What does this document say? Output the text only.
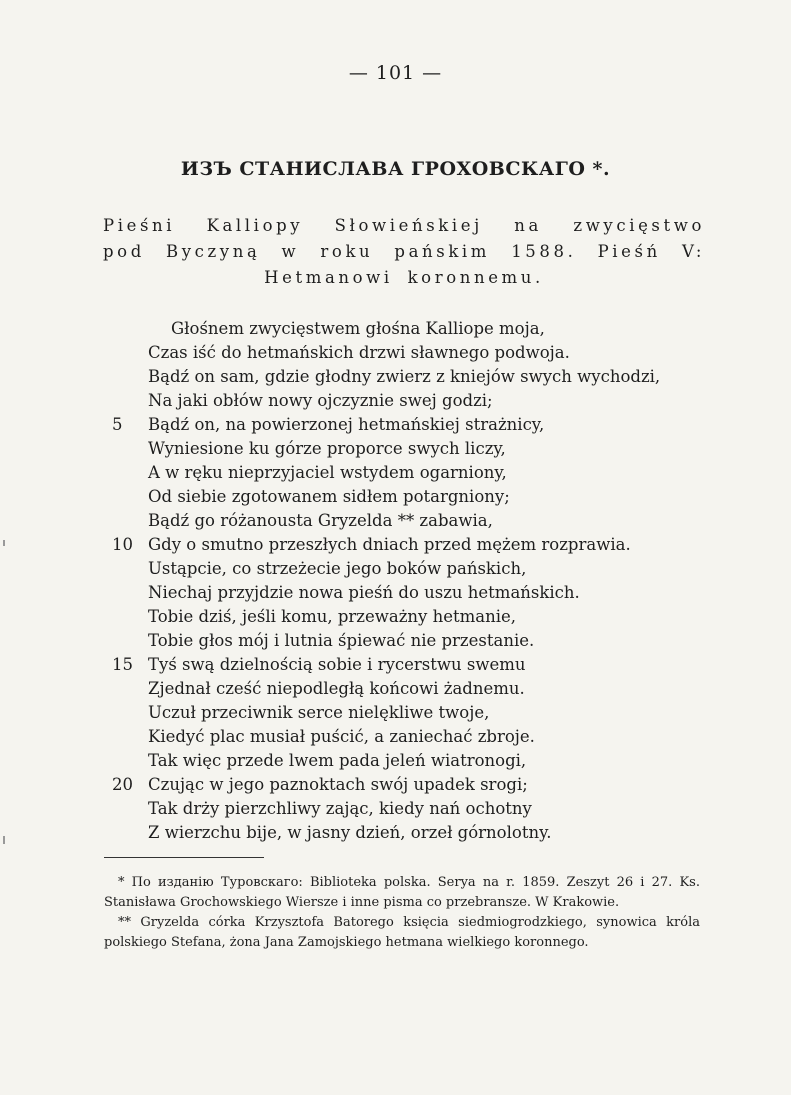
— 101 —
ИЗЪ СТАНИСЛАВА ГРОХОВСКАГО *.
Pieśni Kalliopy Słowieńskiej na zwycięstwo
pod Byczyną w roku pańskim 1588. Pieśń V:
Hetmanowi koronnemu.
Głośnem zwycięstwem głośna Kalliope moja,
Czas iść do hetmańskich drzwi sławnego podwoja.
Bądź on sam, gdzie głodny zwierz z kniejów swych wychodzi,
Na jaki obłów nowy ojczyznie swej godzi;
5	Bądź on, na powierzonej hetmańskiej strażnicy,
Wyniesione ku górze proporce swych liczy,
A w ręku nieprzyjaciel wstydem ogarniony,
Od siebie zgotowanem sidłem potargniony;
Bądź go różanousta Gryzelda ** zabawia,
10 Gdy o smutno przeszłych dniach przed mężem rozprawia.
Ustąpcie, co strzeżecie jego boków pańskich,
Niechaj przyjdzie nowa pieśń do uszu hetmańskich.
Tobie dziś, jeśli komu, przeważny hetmanie,
Tobie głos mój i lutnia śpiewać nie przestanie.
15 Tyś swą dzielnością sobie i rycerstwu swemu
Zjednał cześć niepodległą końcowi żadnemu.
Uczuł przeciwnik serce nielękliwe twoje,
Kiedyć plac musiał puścić, a zaniechać zbroje.
Tak więc przede lwem pada jeleń wiatronogi,
20 Czując w jego paznoktach swój upadek srogi;
Tak drży pierzchliwy zając, kiedy nań ochotny
Z wierzchu bije, w jasny dzień, orzeł górnolotny.

* По изданію Туровскаго: Biblioteka polska. Serya na r. 1859. Zeszyt 26 i 27. Ks. Stanisława Grochowskiego Wiersze i inne pisma co przebransze. W Krakowie.

** Gryzelda córka Krzysztofa Batorego księcia siedmiogrodzkiego, synowica króla polskiego Stefana, żona Jana Zamojskiego hetmana wielkiego koronnego.
